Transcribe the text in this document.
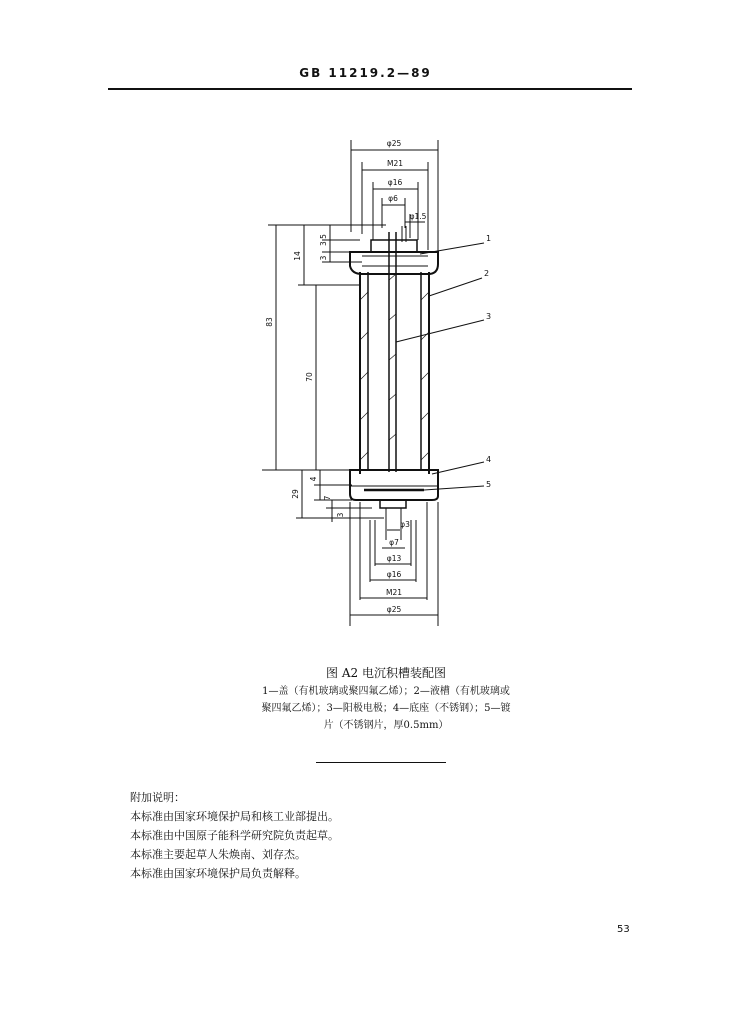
GB 11219.2—89
φ25
M21
φ16
φ6
φ1.5
83
14
3.5
3
70
29
4
7
3
φ3
φ7
φ13
φ16
M21
φ25
1
2
3
4
5
图 A2 电沉积槽装配图
1—盖（有机玻璃或聚四氟乙烯）；2—液槽（有机玻璃或
聚四氟乙烯）；3—阳极电极；4—底座（不锈钢）；5—镀
片（不锈钢片，厚0.5mm）
附加说明：
本标准由国家环境保护局和核工业部提出。
本标准由中国原子能科学研究院负责起草。
本标准主要起草人朱焕南、刘存杰。
本标准由国家环境保护局负责解释。
53
